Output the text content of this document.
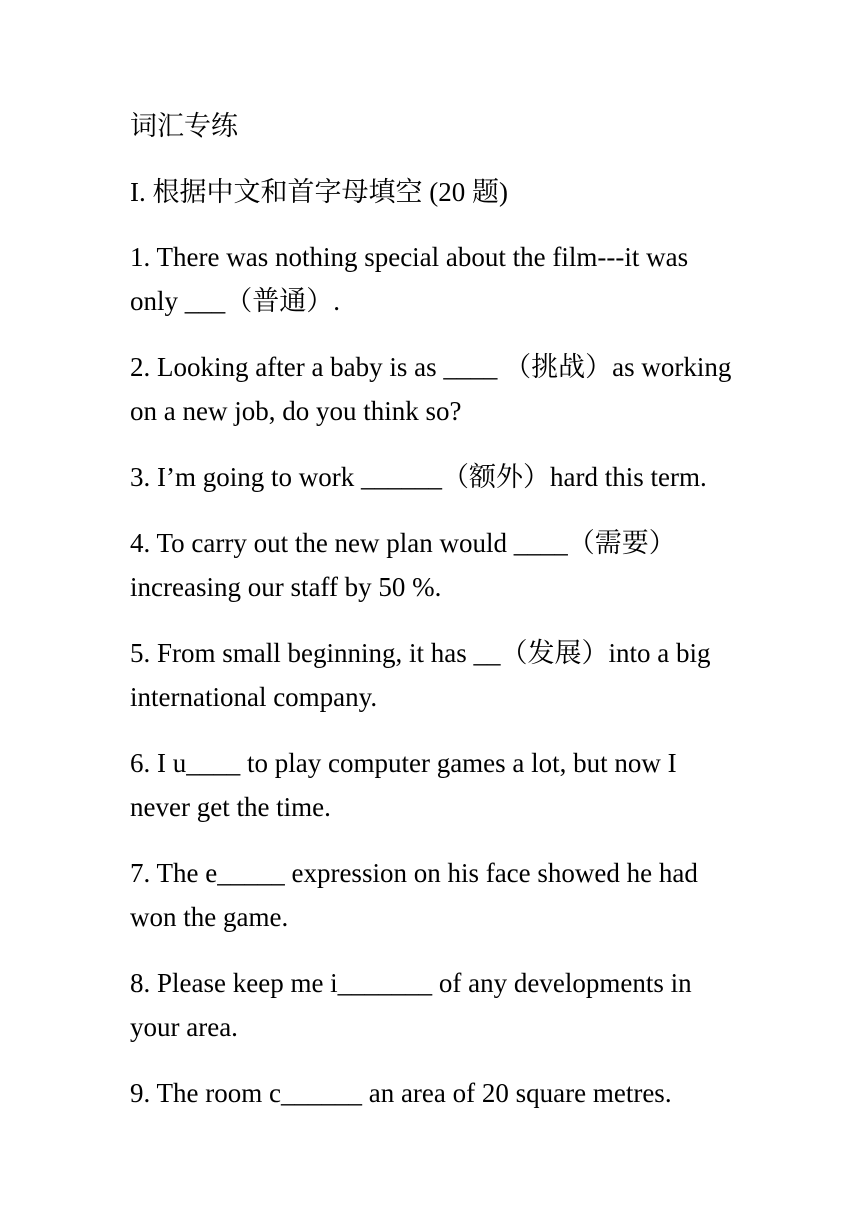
词汇专练
I. 根据中文和首字母填空 (20 题)
1. There was nothing special about the film---it was only ___（普通）.
2. Looking after a baby is as ____ （挑战）as working on a new job, do you think so?
3. I’m going to work ______（额外）hard this term.
4. To carry out the new plan would ____（需要）increasing our staff by 50 %.
5. From small beginning, it has __（发展）into a big international company.
6. I u____ to play computer games a lot, but now I never get the time.
7. The e_____ expression on his face showed he had won the game.
8. Please keep me i_______ of any developments in your area.
9. The room c______ an area of 20 square metres.
